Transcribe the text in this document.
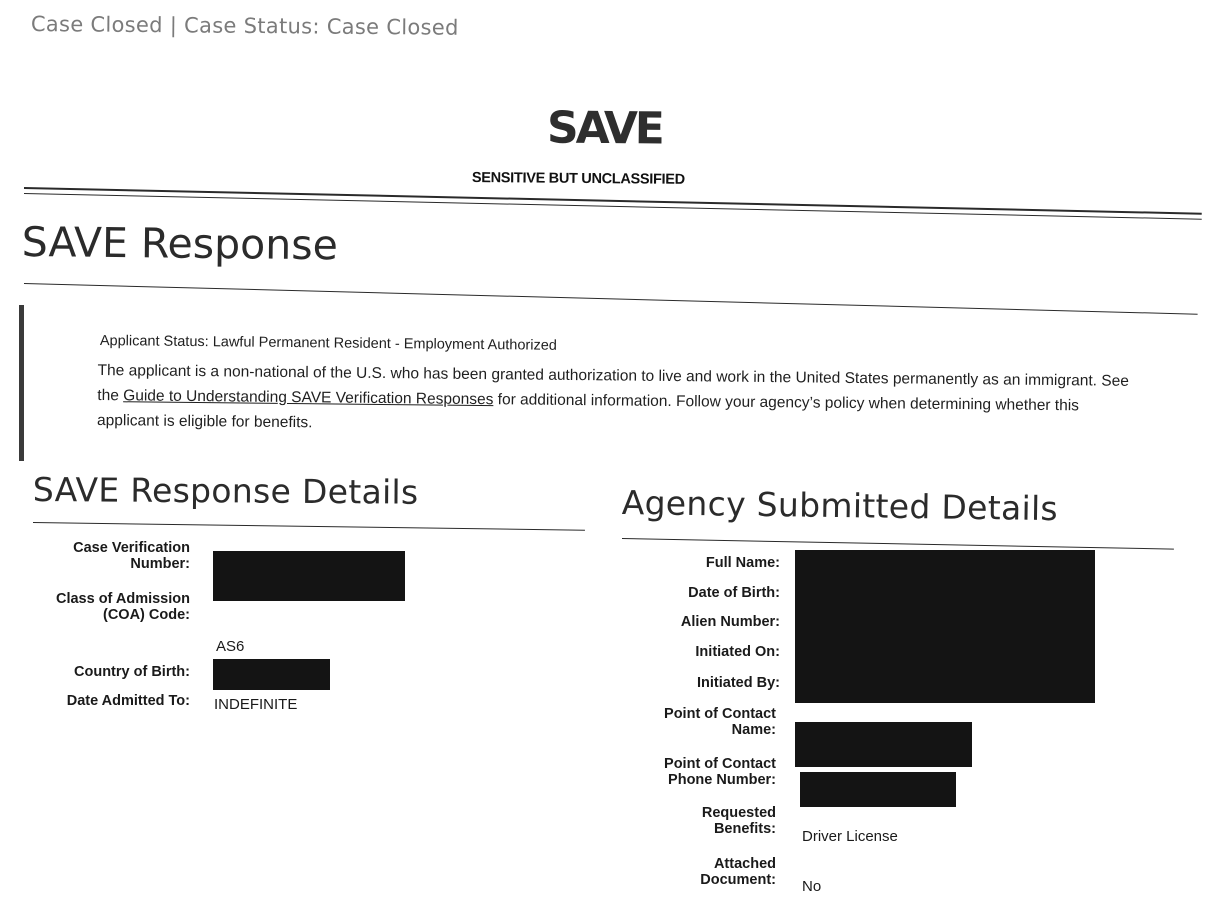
Case Closed | Case Status: Case Closed
SAVE
SENSITIVE BUT UNCLASSIFIED
SAVE Response
Applicant Status: Lawful Permanent Resident - Employment Authorized
The applicant is a non-national of the U.S. who has been granted authorization to live and work in the United States permanently as an immigrant. See the Guide to Understanding SAVE Verification Responses for additional information. Follow your agency’s policy when determining whether this applicant is eligible for benefits.
SAVE Response Details
Case Verification Number:
Class of Admission (COA) Code:
AS6
Country of Birth:
Date Admitted To: INDEFINITE
Agency Submitted Details
Full Name:
Date of Birth:
Alien Number:
Initiated On:
Initiated By:
Point of Contact Name:
Point of Contact Phone Number:
Requested Benefits: Driver License
Attached Document: No
